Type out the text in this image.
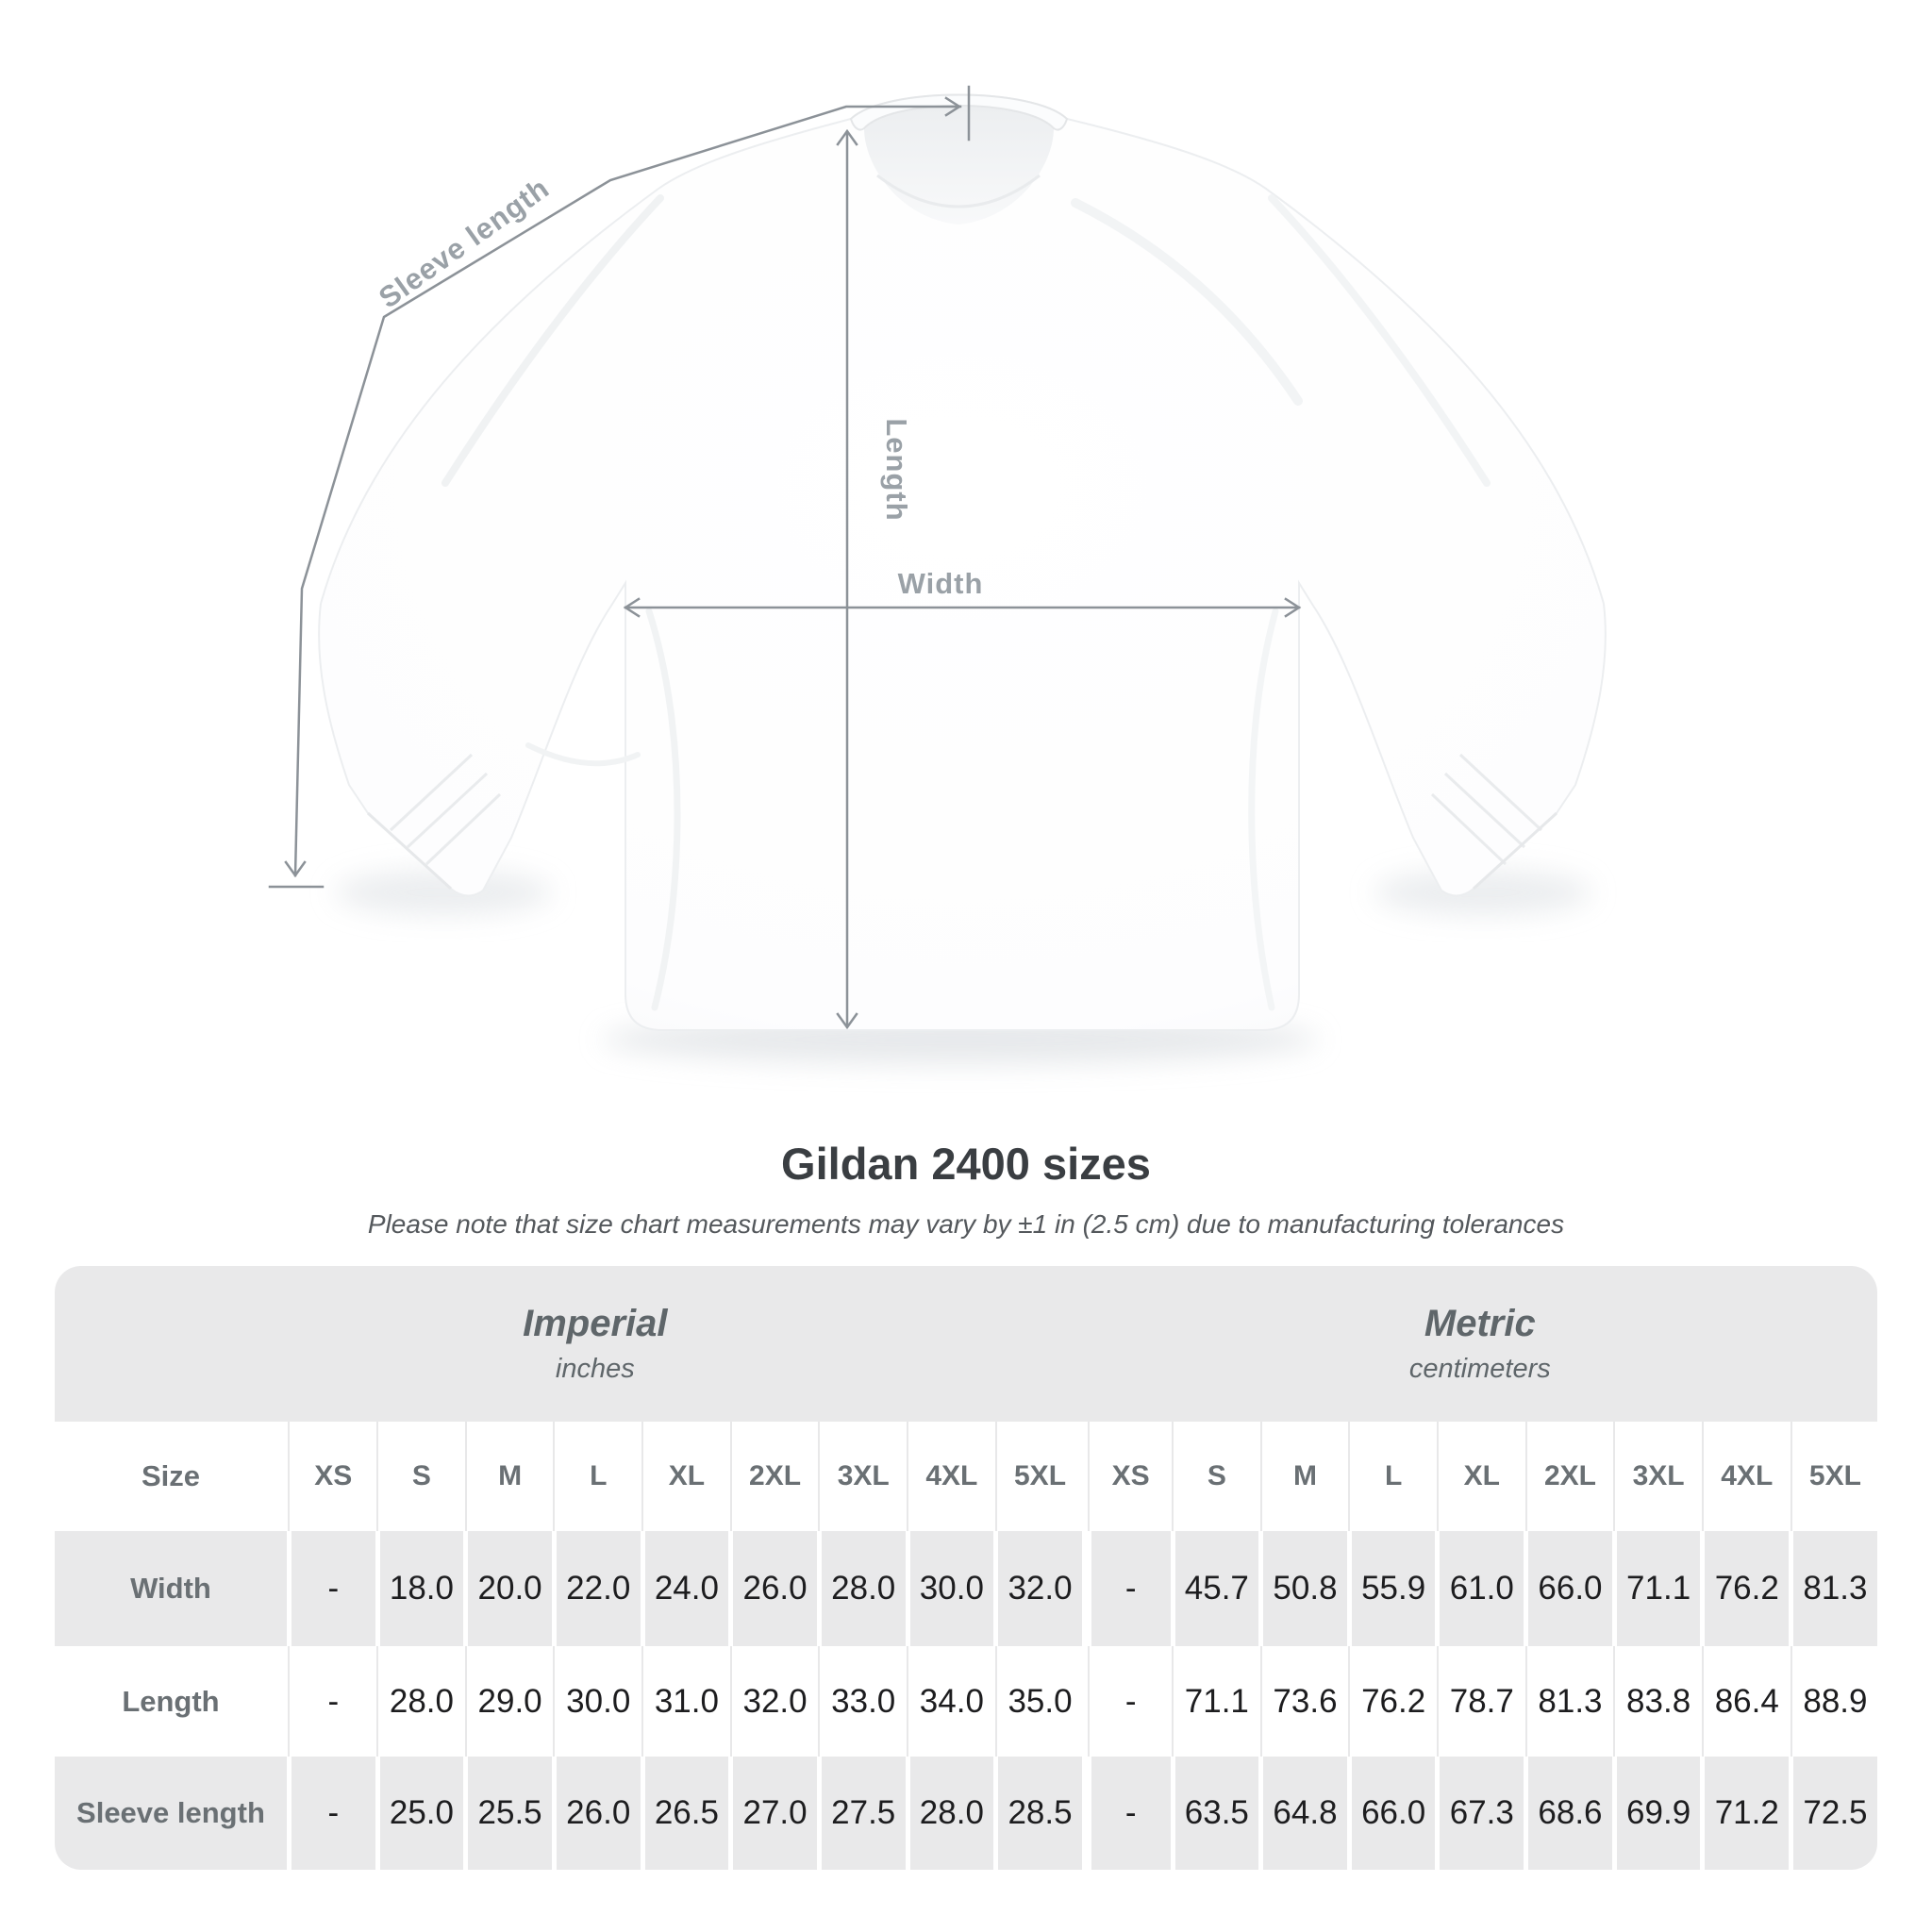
Sleeve length
Length
Width
Gildan 2400 sizes
Please note that size chart measurements may vary by ±1 in (2.5 cm) due to manufacturing tolerances
Imperial
inches
Metric
centimeters
Size	XS	S	M	L	XL	2XL	3XL	4XL	5XL	XS	S	M	L	XL	2XL	3XL	4XL	5XL
Width	-	18.0 20.0 22.0 24.0 26.0 28.0 30.0 32.0	-	45.7 50.8 55.9 61.0 66.0 71.1 76.2 81.3
Length	-	28.0 29.0 30.0 31.0 32.0 33.0 34.0 35.0	-	71.1 73.6 76.2 78.7 81.3 83.8 86.4 88.9
Sleeve length	-	25.0 25.5 26.0 26.5 27.0 27.5 28.0 28.5	-	63.5 64.8 66.0 67.3 68.6 69.9 71.2 72.5
